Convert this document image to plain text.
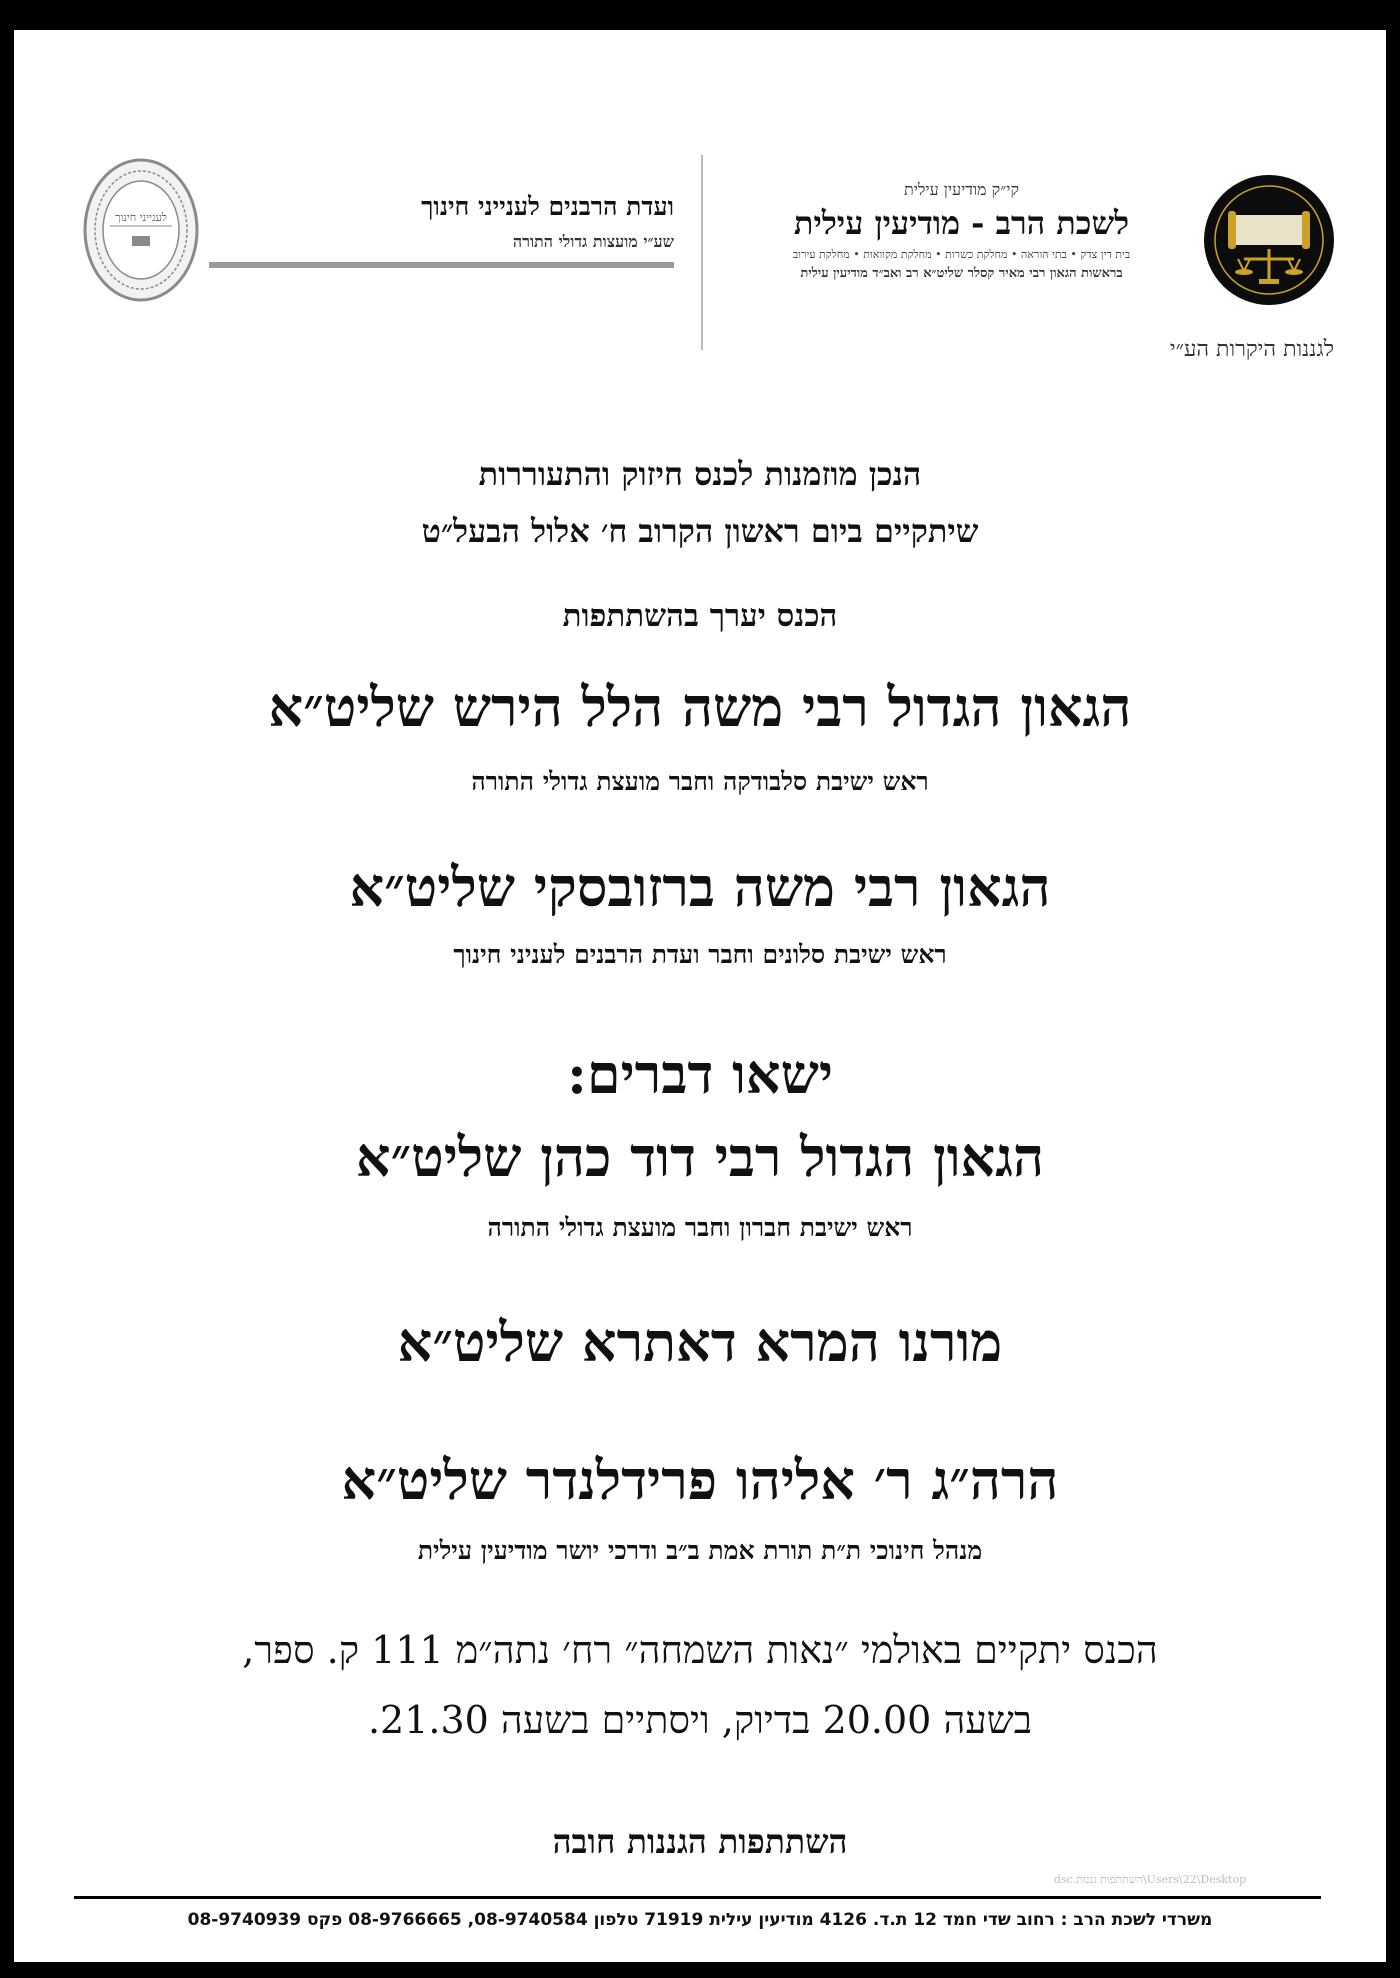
קי״ק מודיעין עילית
לשכת הרב - מודיעין עילית
בית דין צדק • בתי הוראה • מחלקת כשרות • מחלקת מקוואות • מחלקת עירוב
בראשות הגאון רבי מאיר קסלר שליט״א רב ואב״ד מודיעין עילית
ועדת הרבנים לענייני חינוך
שע״י מועצות גדולי התורה
לענייני חינוך
לגננות היקרות הע״י
הנכן מוזמנות לכנס חיזוק והתעוררות
שיתקיים ביום ראשון הקרוב ח׳ אלול הבעל״ט
הכנס יערך בהשתתפות
הגאון הגדול רבי משה הלל הירש שליט״א
ראש ישיבת סלבודקה וחבר מועצת גדולי התורה
הגאון רבי משה ברזובסקי שליט״א
ראש ישיבת סלונים וחבר ועדת הרבנים לעניני חינוך
ישאו דברים:
הגאון הגדול רבי דוד כהן שליט״א
ראש ישיבת חברון וחבר מועצת גדולי התורה
מורנו המרא דאתרא שליט״א
הרה״ג ר׳ אליהו פרידלנדר שליט״א
מנהל חינוכי ת״ת תורת אמת ב״ב ודרכי יושר מודיעין עילית
הכנס יתקיים באולמי ״נאות השמחה״ רח׳ נתה״מ 111 ק. ספר,
בשעה 20.00 בדיוק, ויסתיים בשעה 21.30.
השתתפות הגננות חובה
dsc.השתתפות גננות\Users\22\Desktop
משרדי לשכת הרב : רחוב שדי חמד 12 ת.ד. 4126 מודיעין עילית 71919 טלפון 08-9740584, 08-9766665 פקס 08-9740939
